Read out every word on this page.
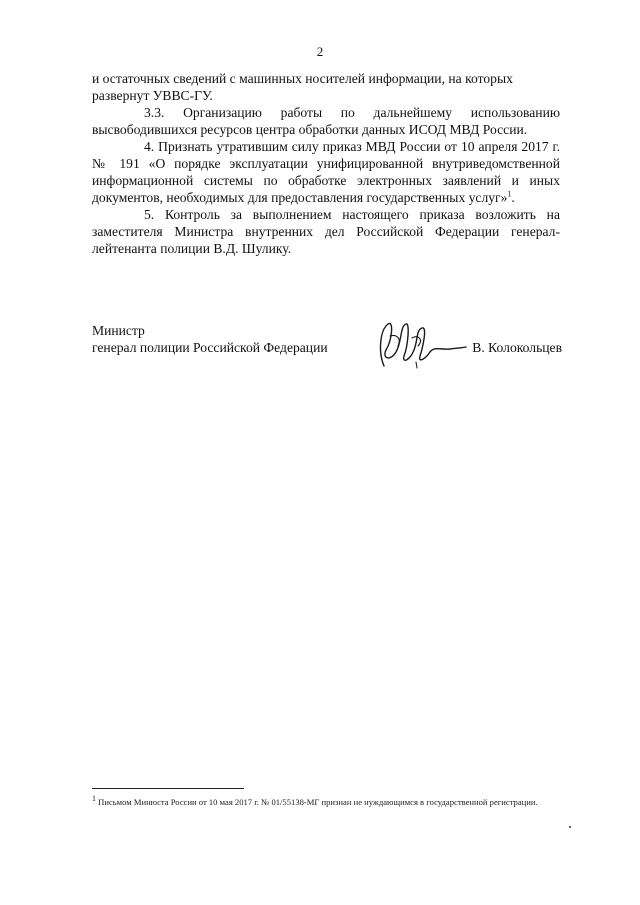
2

и остаточных сведений с машинных носителей информации, на которых развернут УВВС-ГУ.

3.3. Организацию работы по дальнейшему использованию высвободившихся ресурсов центра обработки данных ИСОД МВД России.

4. Признать утратившим силу приказ МВД России от 10 апреля 2017 г. № 191 «О порядке эксплуатации унифицированной внутриведомственной информационной системы по обработке электронных заявлений и иных документов, необходимых для предоставления государственных услуг»$^1$.

5. Контроль за выполнением настоящего приказа возложить на заместителя Министра внутренних дел Российской Федерации генерал-лейтенанта полиции В.Д. Шулику.

Министр
генерал полиции Российской Федерации	В. Колокольцев
$^1$ Письмом Минюста России от 10 мая 2017 г. № 01/55138-МГ признан не нуждающимся в государственной регистрации.
